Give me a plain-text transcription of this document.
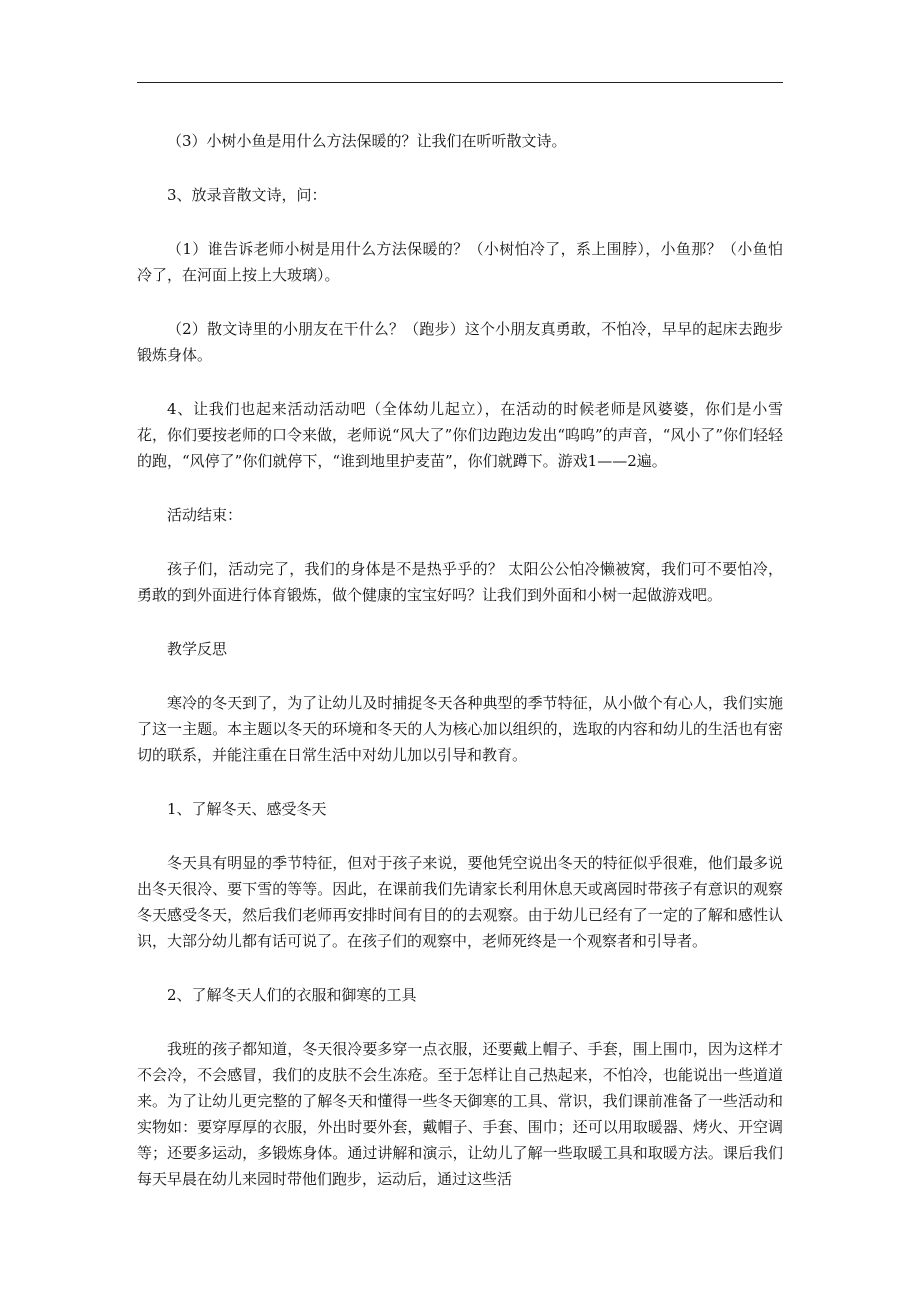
（3）小树小鱼是用什么方法保暖的？让我们在听听散文诗。

3、放录音散文诗，问：

（1）谁告诉老师小树是用什么方法保暖的？（小树怕冷了，系上围脖），小鱼那？（小鱼怕冷了，在河面上按上大玻璃）。

（2）散文诗里的小朋友在干什么？（跑步）这个小朋友真勇敢，不怕冷，早早的起床去跑步锻炼身体。

4、让我们也起来活动活动吧（全体幼儿起立），在活动的时候老师是风婆婆，你们是小雪花，你们要按老师的口令来做，老师说“风大了”你们边跑边发出“呜呜”的声音，“风小了”你们轻轻的跑，“风停了”你们就停下，“谁到地里护麦苗”，你们就蹲下。游戏1——2遍。

活动结束：

孩子们，活动完了，我们的身体是不是热乎乎的？ 太阳公公怕冷懒被窝，我们可不要怕冷，勇敢的到外面进行体育锻炼，做个健康的宝宝好吗？让我们到外面和小树一起做游戏吧。

教学反思

寒冷的冬天到了，为了让幼儿及时捕捉冬天各种典型的季节特征，从小做个有心人，我们实施了这一主题。本主题以冬天的环境和冬天的人为核心加以组织的，选取的内容和幼儿的生活也有密切的联系，并能注重在日常生活中对幼儿加以引导和教育。

1、了解冬天、感受冬天

冬天具有明显的季节特征，但对于孩子来说，要他凭空说出冬天的特征似乎很难，他们最多说出冬天很冷、要下雪的等等。因此，在课前我们先请家长利用休息天或离园时带孩子有意识的观察冬天感受冬天，然后我们老师再安排时间有目的的去观察。由于幼儿已经有了一定的了解和感性认识，大部分幼儿都有话可说了。在孩子们的观察中，老师死终是一个观察者和引导者。

2、了解冬天人们的衣服和御寒的工具

我班的孩子都知道，冬天很冷要多穿一点衣服，还要戴上帽子、手套，围上围巾，因为这样才不会冷，不会感冒，我们的皮肤不会生冻疮。至于怎样让自己热起来，不怕冷，也能说出一些道道来。为了让幼儿更完整的了解冬天和懂得一些冬天御寒的工具、常识，我们课前准备了一些活动和实物如：要穿厚厚的衣服，外出时要外套，戴帽子、手套、围巾；还可以用取暖器、烤火、开空调等；还要多运动，多锻炼身体。通过讲解和演示，让幼儿了解一些取暖工具和取暖方法。课后我们每天早晨在幼儿来园时带他们跑步，运动后，通过这些活
